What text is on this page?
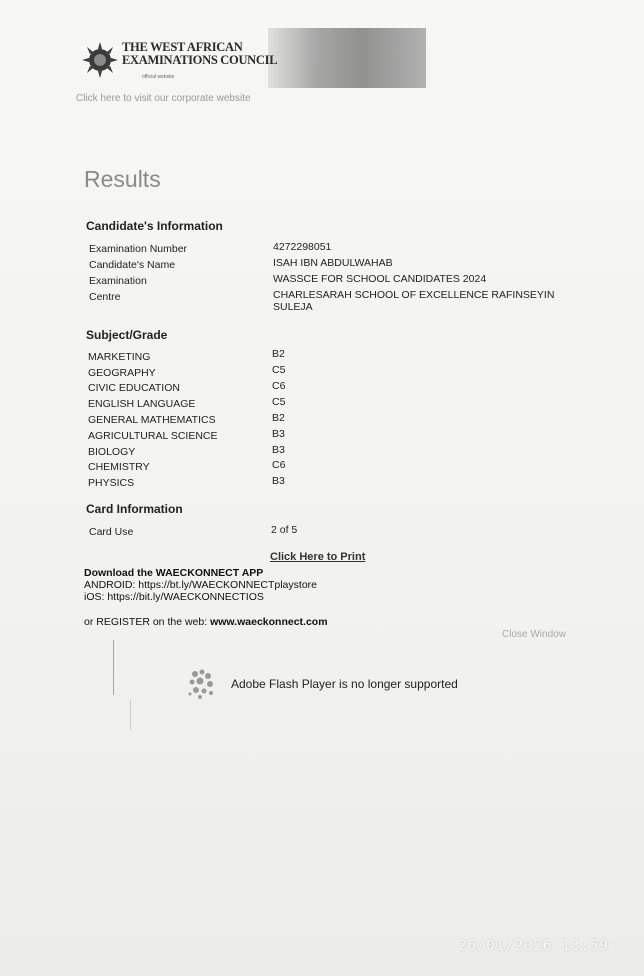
THE WEST AFRICAN
EXAMINATIONS COUNCIL
official website
Click here to visit our corporate website
Results
Candidate's Information
Examination Number	4272298051
Candidate's Name	ISAH IBN ABDULWAHAB
Examination	WASSCE FOR SCHOOL CANDIDATES 2024
Centre	CHARLESARAH SCHOOL OF EXCELLENCE RAFINSEYIN
SULEJA
Subject/Grade
MARKETING	B2
GEOGRAPHY	C5
CIVIC EDUCATION	C6
ENGLISH LANGUAGE	C5
GENERAL MATHEMATICS	B2
AGRICULTURAL SCIENCE	B3
BIOLOGY	B3
CHEMISTRY	C6
PHYSICS	B3
Card Information
Card Use	2 of 5
Click Here to Print
Download the WAECKONNECT APP
ANDROID: https://bt.ly/WAECKONNECTplaystore
iOS: https://bit.ly/WAECKONNECTIOS
or REGISTER on the web: www.waeckonnect.com
Close Window
Adobe Flash Player is no longer supported
26/01/2026 13:59
